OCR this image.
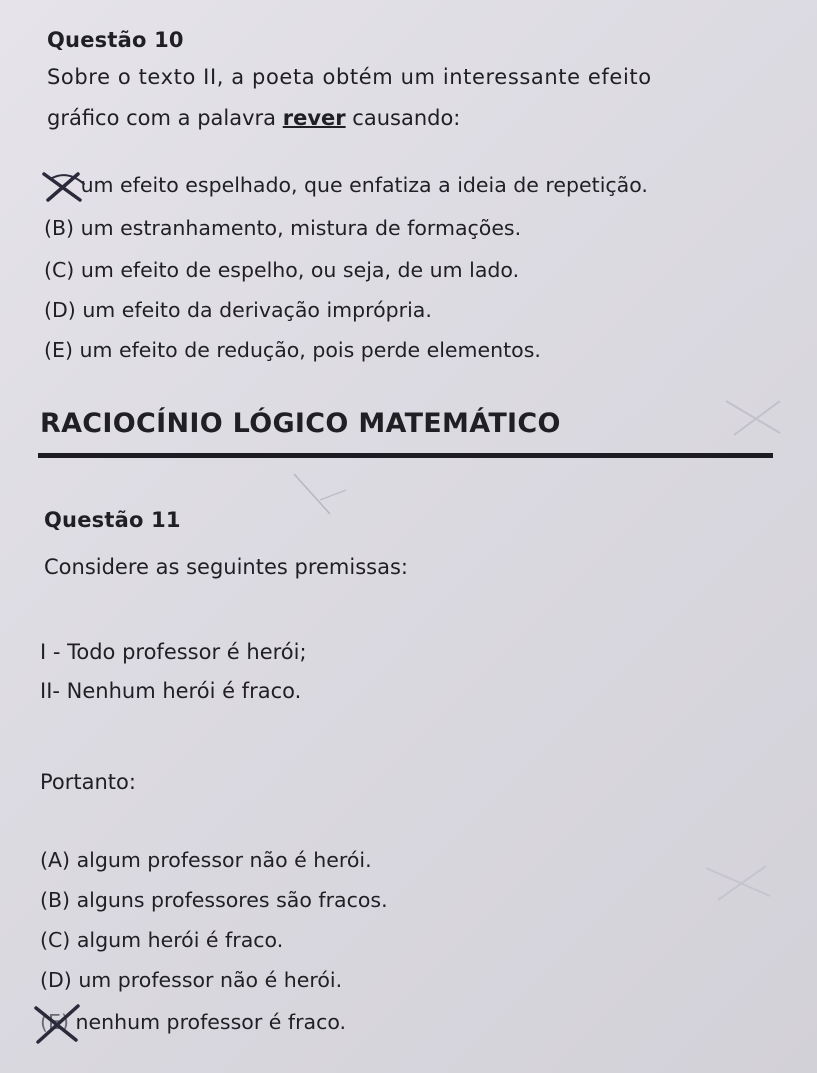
Questão 10
Sobre o texto II, a poeta obtém um interessante efeito
gráfico com a palavra rever causando:
um efeito espelhado, que enfatiza a ideia de repetição.
(B) um estranhamento, mistura de formações.
(C) um efeito de espelho, ou seja, de um lado.
(D) um efeito da derivação imprópria.
(E) um efeito de redução, pois perde elementos.
RACIOCÍNIO LÓGICO MATEMÁTICO
Questão 11
Considere as seguintes premissas:
I - Todo professor é herói;
II- Nenhum herói é fraco.
Portanto:
(A) algum professor não é herói.
(B) alguns professores são fracos.
(C) algum herói é fraco.
(D) um professor não é herói.
(E) nenhum professor é fraco.
